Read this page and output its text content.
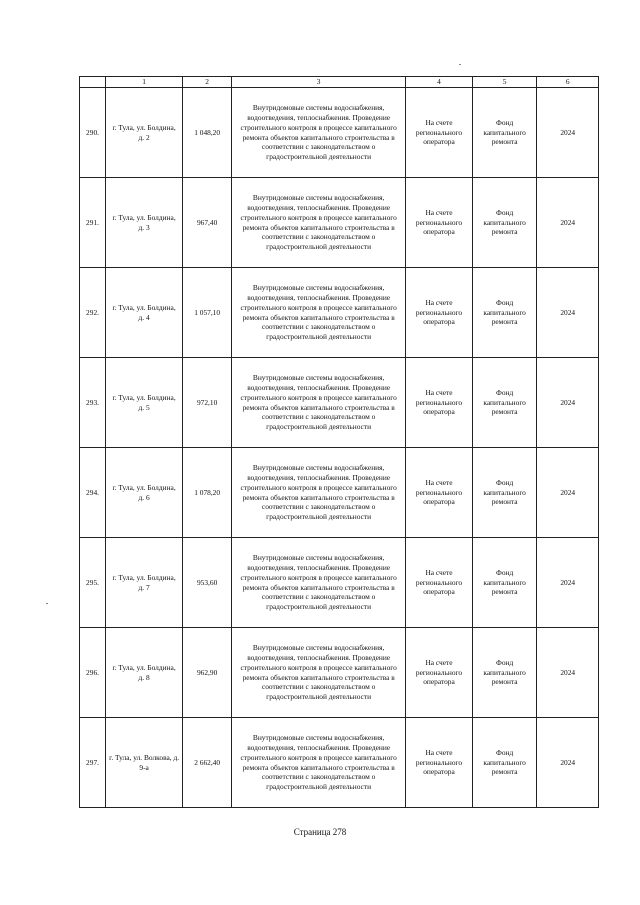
	1	2	3	4	5	6
290.	г. Тула, ул. Болдина, д. 2	1 048,20	Внутридомовые системы водоснабжения, водоотведения, теплоснабжения. Проведение строительного контроля в процессе капитального ремонта объектов капитального строительства в соответствии с законодательством о градостроительной деятельности	На счете регионального оператора	Фонд капитального ремонта	2024
291.	г. Тула, ул. Болдина, д. 3	967,40	Внутридомовые системы водоснабжения, водоотведения, теплоснабжения. Проведение строительного контроля в процессе капитального ремонта объектов капитального строительства в соответствии с законодательством о градостроительной деятельности	На счете регионального оператора	Фонд капитального ремонта	2024
292.	г. Тула, ул. Болдина, д. 4	1 057,10	Внутридомовые системы водоснабжения, водоотведения, теплоснабжения. Проведение строительного контроля в процессе капитального ремонта объектов капитального строительства в соответствии с законодательством о градостроительной деятельности	На счете регионального оператора	Фонд капитального ремонта	2024
293.	г. Тула, ул. Болдина, д. 5	972,10	Внутридомовые системы водоснабжения, водоотведения, теплоснабжения. Проведение строительного контроля в процессе капитального ремонта объектов капитального строительства в соответствии с законодательством о градостроительной деятельности	На счете регионального оператора	Фонд капитального ремонта	2024
294.	г. Тула, ул. Болдина, д. 6	1 078,20	Внутридомовые системы водоснабжения, водоотведения, теплоснабжения. Проведение строительного контроля в процессе капитального ремонта объектов капитального строительства в соответствии с законодательством о градостроительной деятельности	На счете регионального оператора	Фонд капитального ремонта	2024
295.	г. Тула, ул. Болдина, д. 7	953,60	Внутридомовые системы водоснабжения, водоотведения, теплоснабжения. Проведение строительного контроля в процессе капитального ремонта объектов капитального строительства в соответствии с законодательством о градостроительной деятельности	На счете регионального оператора	Фонд капитального ремонта	2024
296.	г. Тула, ул. Болдина, д. 8	962,90	Внутридомовые системы водоснабжения, водоотведения, теплоснабжения. Проведение строительного контроля в процессе капитального ремонта объектов капитального строительства в соответствии с законодательством о градостроительной деятельности	На счете регионального оператора	Фонд капитального ремонта	2024
297.	г. Тула, ул. Волкова, д. 9-а	2 662,40	Внутридомовые системы водоснабжения, водоотведения, теплоснабжения. Проведение строительного контроля в процессе капитального ремонта объектов капитального строительства в соответствии с законодательством о градостроительной деятельности	На счете регионального оператора	Фонд капитального ремонта	2024
Страница 278
